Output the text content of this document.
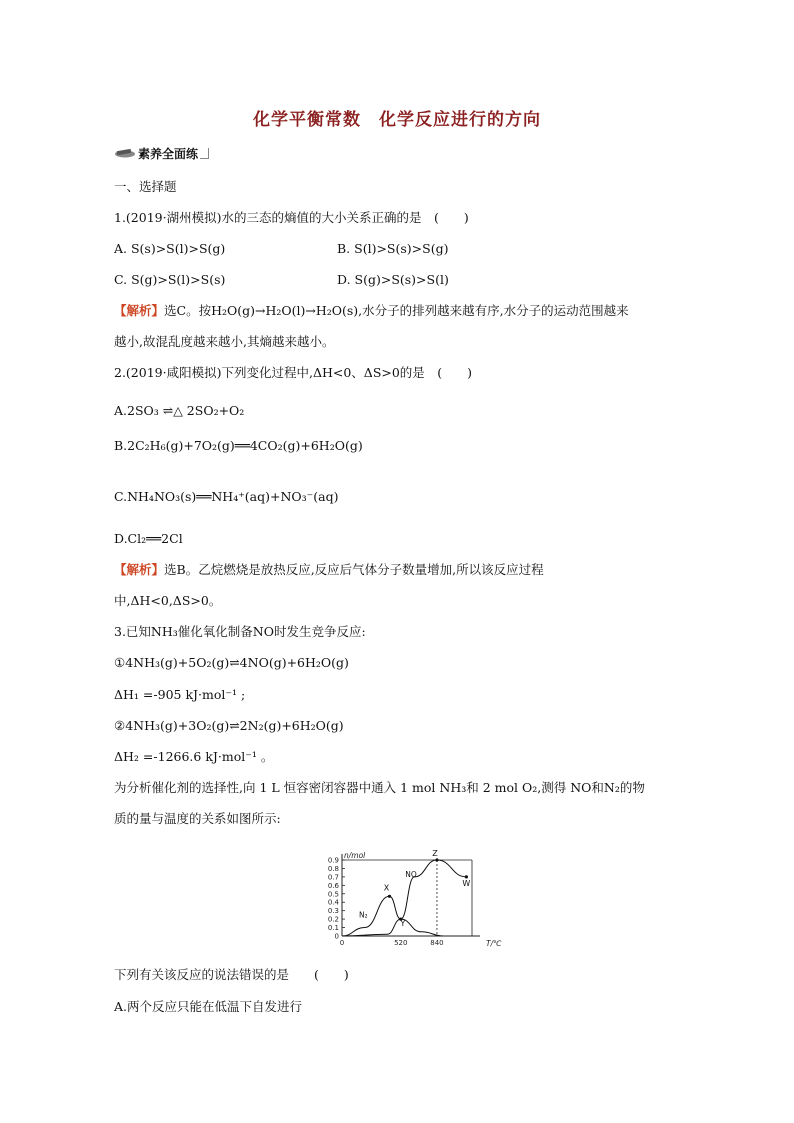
化学平衡常数　化学反应进行的方向
素养全面练
一、选择题
1.(2019·湖州模拟)水的三态的熵值的大小关系正确的是　(　　)
A. S(s)>S(l)>S(g)	B. S(l)>S(s)>S(g)
C. S(g)>S(l)>S(s)	D. S(g)>S(s)>S(l)
【解析】选C。按H₂O(g)→H₂O(l)→H₂O(s),水分子的排列越来越有序,水分子的运动范围越来
越小,故混乱度越来越小,其熵越来越小。
2.(2019·咸阳模拟)下列变化过程中,ΔH<0、ΔS>0的是　(　　)
A.2SO₃ ⇌△ 2SO₂+O₂
B.2C₂H₆(g)+7O₂(g)══4CO₂(g)+6H₂O(g)
C.NH₄NO₃(s)══NH₄⁺(aq)+NO₃⁻(aq)
D.Cl₂══2Cl
【解析】选B。乙烷燃烧是放热反应,反应后气体分子数量增加,所以该反应过程
中,ΔH<0,ΔS>0。
3.已知NH₃催化氧化制备NO时发生竞争反应:
①4NH₃(g)+5O₂(g)⇌4NO(g)+6H₂O(g)
ΔH₁ =-905 kJ·mol⁻¹ ;
②4NH₃(g)+3O₂(g)⇌2N₂(g)+6H₂O(g)
ΔH₂ =-1266.6 kJ·mol⁻¹ 。
为分析催化剂的选择性,向 1 L 恒容密闭容器中通入 1 mol NH₃和 2 mol O₂,测得 NO和N₂的物
质的量与温度的关系如图所示:
0
0.1
0.2
0.3
0.4
0.5
0.6
0.7
0.8
0.9
0	520	840
n/mol
T/℃
N₂
NO
X
Y
Z
W
下列有关该反应的说法错误的是　　(　　)
A.两个反应只能在低温下自发进行
